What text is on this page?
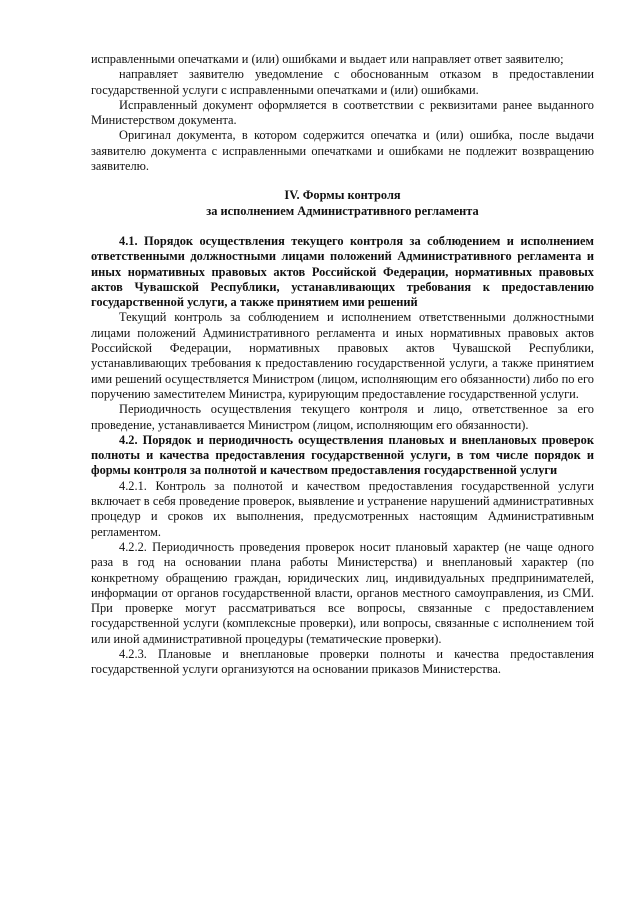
исправленными опечатками и (или) ошибками и выдает или направляет ответ заявителю;

направляет заявителю уведомление с обоснованным отказом в предоставлении государственной услуги с исправленными опечатками и (или) ошибками.

Исправленный документ оформляется в соответствии с реквизитами ранее выданного Министерством документа.

Оригинал документа, в котором содержится опечатка и (или) ошибка, после выдачи заявителю документа с исправленными опечатками и ошибками не подлежит возвращению заявителю.

IV. Формы контроля

за исполнением Административного регламента

4.1. Порядок осуществления текущего контроля за соблюдением и исполнением ответственными должностными лицами положений Административного регламента и иных нормативных правовых актов Российской Федерации, нормативных правовых актов Чувашской Республики, устанавливающих требования к предоставлению государственной услуги, а также принятием ими решений

Текущий контроль за соблюдением и исполнением ответственными должностными лицами положений Административного регламента и иных нормативных правовых актов Российской Федерации, нормативных правовых актов Чувашской Республики, устанавливающих требования к предоставлению государственной услуги, а также принятием ими решений осуществляется Министром (лицом, исполняющим его обязанности) либо по его поручению заместителем Министра, курирующим предоставление государственной услуги.

Периодичность осуществления текущего контроля и лицо, ответственное за его проведение, устанавливается Министром (лицом, исполняющим его обязанности).

4.2. Порядок и периодичность осуществления плановых и внеплановых проверок полноты и качества предоставления государственной услуги, в том числе порядок и формы контроля за полнотой и качеством предоставления государственной услуги

4.2.1. Контроль за полнотой и качеством предоставления государственной услуги включает в себя проведение проверок, выявление и устранение нарушений административных процедур и сроков их выполнения, предусмотренных настоящим Административным регламентом.

4.2.2. Периодичность проведения проверок носит плановый характер (не чаще одного раза в год на основании плана работы Министерства) и внеплановый характер (по конкретному обращению граждан, юридических лиц, индивидуальных предпринимателей, информации от органов государственной власти, органов местного самоуправления, из СМИ. При проверке могут рассматриваться все вопросы, связанные с предоставлением государственной услуги (комплексные проверки), или вопросы, связанные с исполнением той или иной административной процедуры (тематические проверки).

4.2.3. Плановые и внеплановые проверки полноты и качества предоставления государственной услуги организуются на основании приказов Министерства.
